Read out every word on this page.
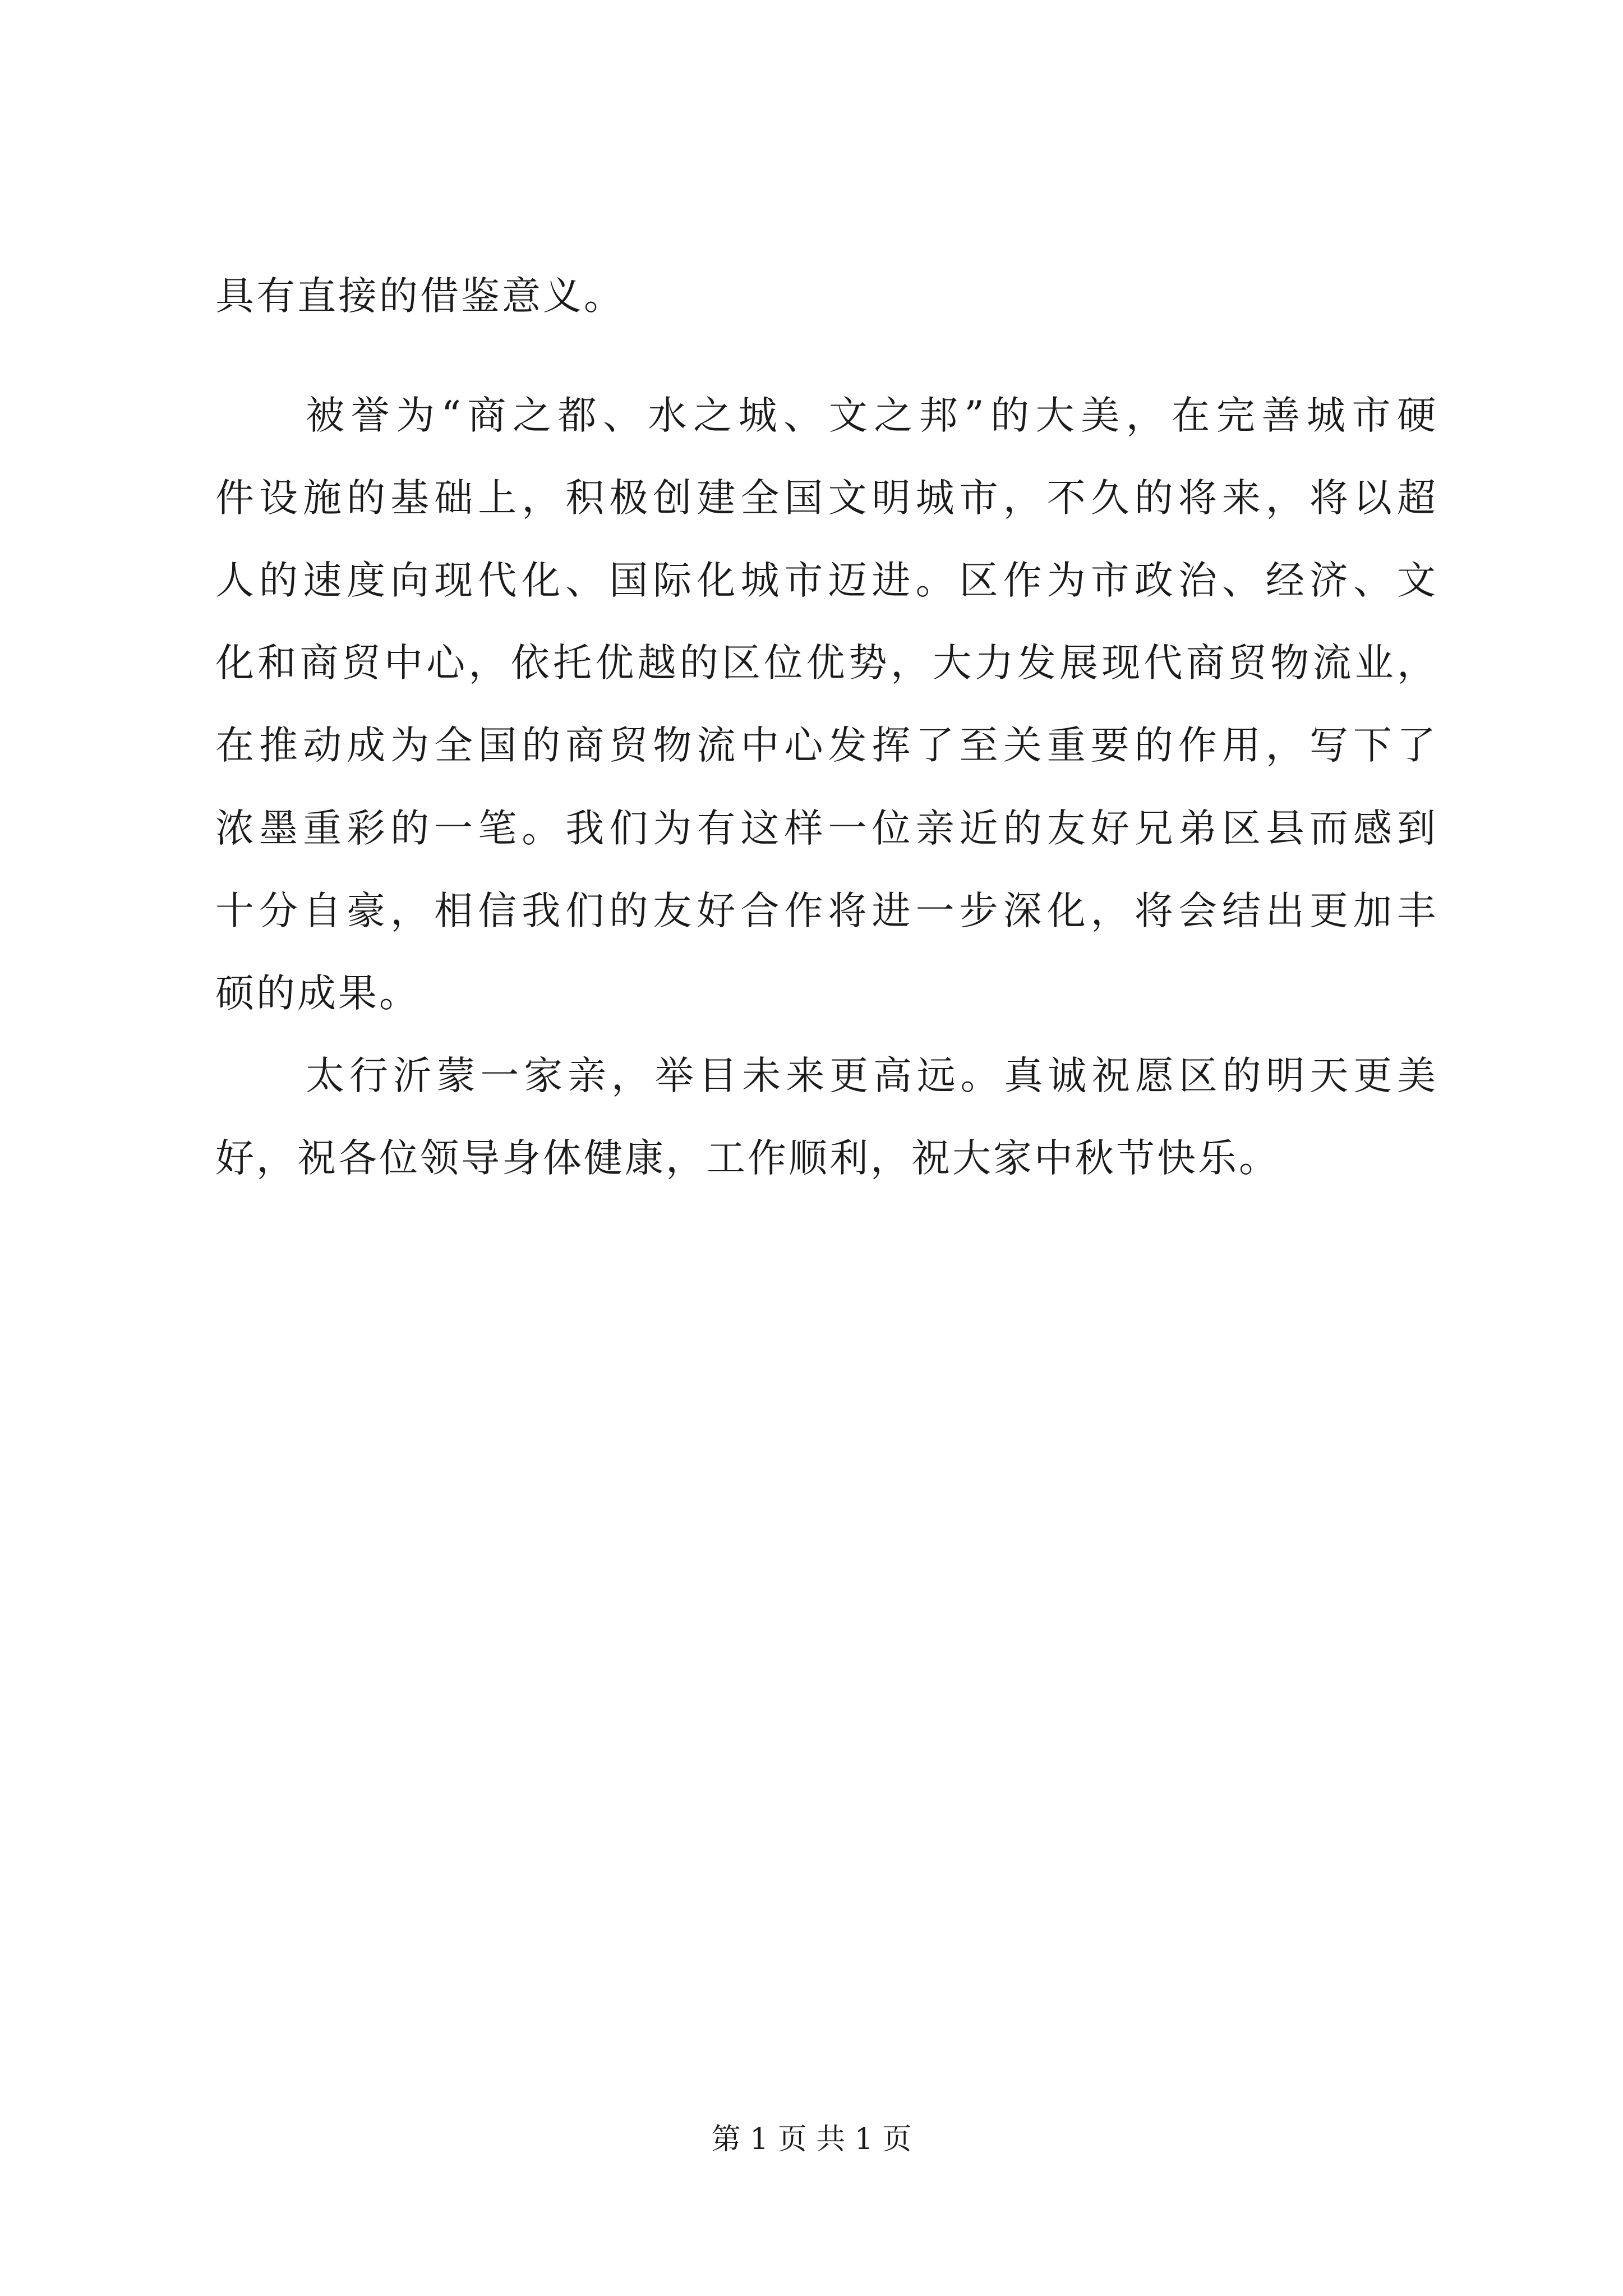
具有直接的借鉴意义。
被誉为“商之都、水之城、文之邦”的大美，在完善城市硬
件设施的基础上，积极创建全国文明城市，不久的将来，将以超
人的速度向现代化、国际化城市迈进。区作为市政治、经济、文
化和商贸中心，依托优越的区位优势，大力发展现代商贸物流业，
在推动成为全国的商贸物流中心发挥了至关重要的作用，写下了
浓墨重彩的一笔。我们为有这样一位亲近的友好兄弟区县而感到
十分自豪，相信我们的友好合作将进一步深化，将会结出更加丰
硕的成果。
太行沂蒙一家亲，举目未来更高远。真诚祝愿区的明天更美
好，祝各位领导身体健康，工作顺利，祝大家中秋节快乐。
第 1 页 共 1 页
